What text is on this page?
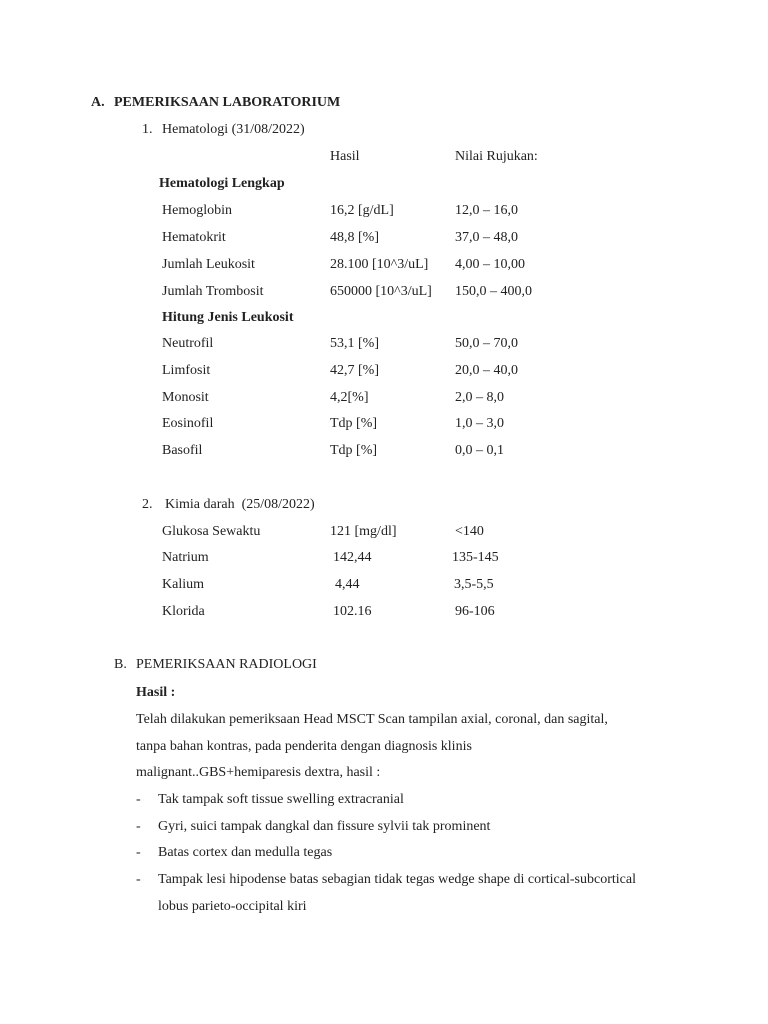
A. PEMERIKSAAN LABORATORIUM
1. Hematologi (31/08/2022)
Hasil	Nilai Rujukan:
Hematologi Lengkap
Hemoglobin	16,2 [g/dL]	12,0 – 16,0
Hematokrit	48,8 [%]	37,0 – 48,0
Jumlah Leukosit	28.100 [10^3/uL] 4,00 – 10,00
Jumlah Trombosit	650000 [10^3/uL] 150,0 – 400,0
Hitung Jenis Leukosit
Neutrofil	53,1 [%]	50,0 – 70,0
Limfosit	42,7 [%]	20,0 – 40,0
Monosit	4,2[%]	2,0 – 8,0
Eosinofil	Tdp [%]	1,0 – 3,0
Basofil	Tdp [%]	0,0 – 0,1
2. Kimia darah  (25/08/2022)
Glukosa Sewaktu	121 [mg/dl]	<140
Natrium	142,44	135-145
Kalium	4,44	3,5-5,5
Klorida	102.16	96-106
B. PEMERIKSAAN RADIOLOGI
Hasil :
Telah dilakukan pemeriksaan Head MSCT Scan tampilan axial, coronal, dan sagital,
tanpa bahan kontras, pada penderita dengan diagnosis klinis
malignant..GBS+hemiparesis dextra, hasil :
- Tak tampak soft tissue swelling extracranial
- Gyri, suici tampak dangkal dan fissure sylvii tak prominent
- Batas cortex dan medulla tegas
- Tampak lesi hipodense batas sebagian tidak tegas wedge shape di cortical-subcortical
lobus parieto-occipital kiri
